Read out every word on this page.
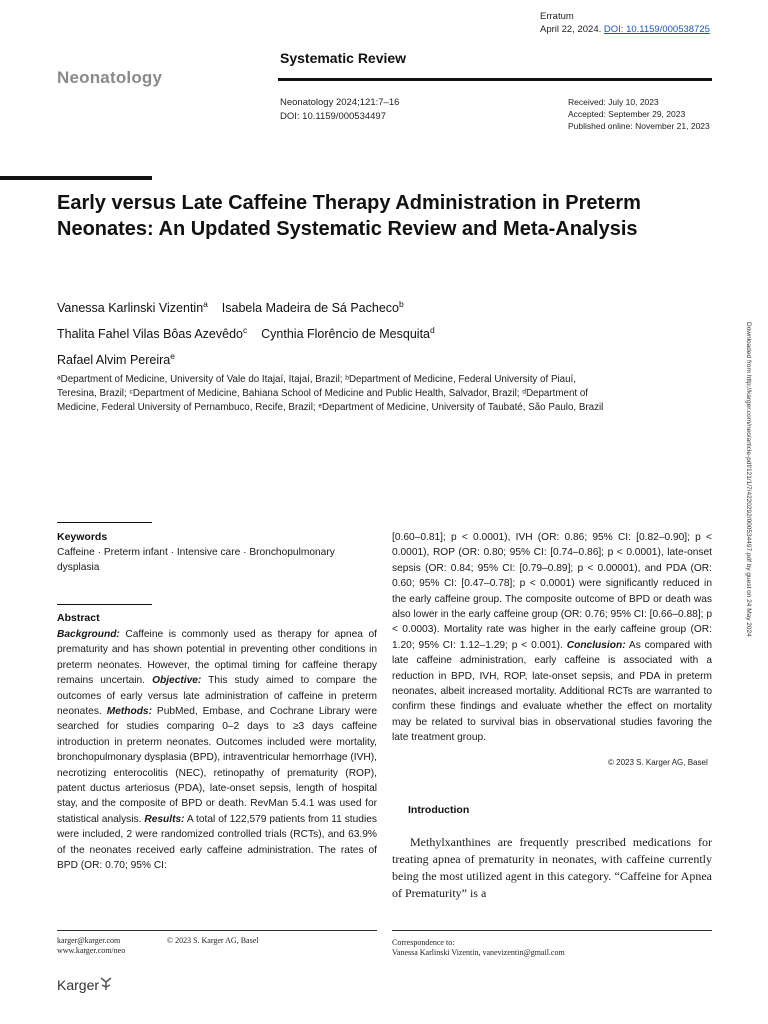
Erratum
April 22, 2024. DOI: 10.1159/000538725
Neonatology
Systematic Review
Neonatology 2024;121:7–16
DOI: 10.1159/000534497
Received: July 10, 2023
Accepted: September 29, 2023
Published online: November 21, 2023
Early versus Late Caffeine Therapy Administration in Preterm Neonates: An Updated Systematic Review and Meta-Analysis
Vanessa Karlinski Vizentin$^a$ Isabela Madeira de Sá Pacheco$^b$
Thalita Fahel Vilas Bôas Azevêdo$^c$ Cynthia Florêncio de Mesquita$^d$
Rafael Alvim Pereira$^e$
ᵃDepartment of Medicine, University of Vale do Itajaí, Itajaí, Brazil; ᵇDepartment of Medicine, Federal University of Piauí, Teresina, Brazil; ᶜDepartment of Medicine, Bahiana School of Medicine and Public Health, Salvador, Brazil; ᵈDepartment of Medicine, Federal University of Pernambuco, Recife, Brazil; ᵉDepartment of Medicine, University of Taubaté, São Paulo, Brazil	Downloaded from http://karger.com/neo/article-pdf/121/1/7/4220292/000534497.pdf by guest on 24 May 2024
Keywords
Caffeine · Preterm infant · Intensive care · Bronchopulmonary dysplasia
Abstract
Background: Caffeine is commonly used as therapy for apnea of prematurity and has shown potential in preventing other conditions in preterm neonates. However, the optimal timing for caffeine therapy remains uncertain. Objective: This study aimed to compare the outcomes of early versus late administration of caffeine in preterm neonates. Methods: PubMed, Embase, and Cochrane Library were searched for studies comparing 0–2 days to ≥3 days caffeine introduction in preterm neonates. Outcomes included were mortality, bronchopulmonary dysplasia (BPD), intraventricular hemorrhage (IVH), necrotizing enterocolitis (NEC), retinopathy of prematurity (ROP), patent ductus arteriosus (PDA), late-onset sepsis, length of hospital stay, and the composite of BPD or death. RevMan 5.4.1 was used for statistical analysis. Results: A total of 122,579 patients from 11 studies were included, 2 were randomized controlled trials (RCTs), and 63.9% of the neonates received early caffeine administration. The rates of BPD (OR: 0.70; 95% CI:
[0.60–0.81]; p < 0.0001), IVH (OR: 0.86; 95% CI: [0.82–0.90]; p < 0.0001), ROP (OR: 0.80; 95% CI: [0.74–0.86]; p < 0.0001), late-onset sepsis (OR: 0.84; 95% CI: [0.79–0.89]; p < 0.00001), and PDA (OR: 0.60; 95% CI: [0.47–0.78]; p < 0.0001) were significantly reduced in the early caffeine group. The composite outcome of BPD or death was also lower in the early caffeine group (OR: 0.76; 95% CI: [0.66–0.88]; p < 0.0003). Mortality rate was higher in the early caffeine group (OR: 1.20; 95% CI: 1.12–1.29; p < 0.001). Conclusion: As compared with late caffeine administration, early caffeine is associated with a reduction in BPD, IVH, ROP, late-onset sepsis, and PDA in preterm neonates, albeit increased mortality. Additional RCTs are warranted to confirm these findings and evaluate whether the effect on mortality may be related to survival bias in observational studies favoring the late treatment group.
© 2023 S. Karger AG, Basel
Introduction
Methylxanthines are frequently prescribed medications for treating apnea of prematurity in neonates, with caffeine currently being the most utilized agent in this category. “Caffeine for Apnea of Prematurity” is a
karger@karger.com
www.karger.com/neo
© 2023 S. Karger AG, Basel	Correspondence to:
Vanessa Karlinski Vizentin, vanevizentin@gmail.com
Karger
